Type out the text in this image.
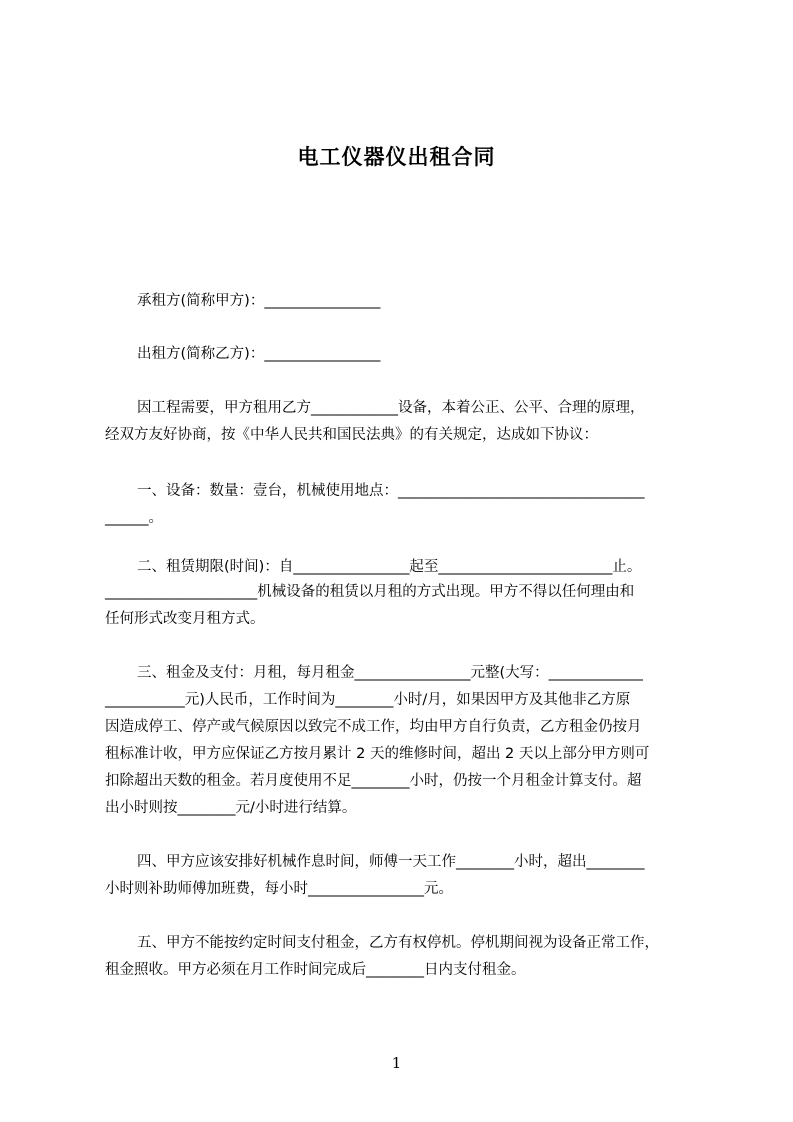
电工仪器仪出租合同
承租方(简称甲方)：________________
出租方(简称乙方)：________________
因工程需要，甲方租用乙方____________设备，本着公正、公平、合理的原理，
经双方友好协商，按《中华人民共和国民法典》的有关规定，达成如下协议：
一、设备：数量：壹台，机械使用地点：__________________________________
______。
二、租赁期限(时间)：自________________起至________________________止。
_____________________机械设备的租赁以月租的方式出现。甲方不得以任何理由和
任何形式改变月租方式。
三、租金及支付：月租，每月租金________________元整(大写：_____________
___________元)人民币，工作时间为________小时/月，如果因甲方及其他非乙方原
因造成停工、停产或气候原因以致完不成工作，均由甲方自行负责，乙方租金仍按月
租标准计收，甲方应保证乙方按月累计 2 天的维修时间，超出 2 天以上部分甲方则可
扣除超出天数的租金。若月度使用不足________小时，仍按一个月租金计算支付。超
出小时则按________元/小时进行结算。
四、甲方应该安排好机械作息时间，师傅一天工作________小时，超出________
小时则补助师傅加班费，每小时________________元。
五、甲方不能按约定时间支付租金，乙方有权停机。停机期间视为设备正常工作，
租金照收。甲方必须在月工作时间完成后________日内支付租金。
1
